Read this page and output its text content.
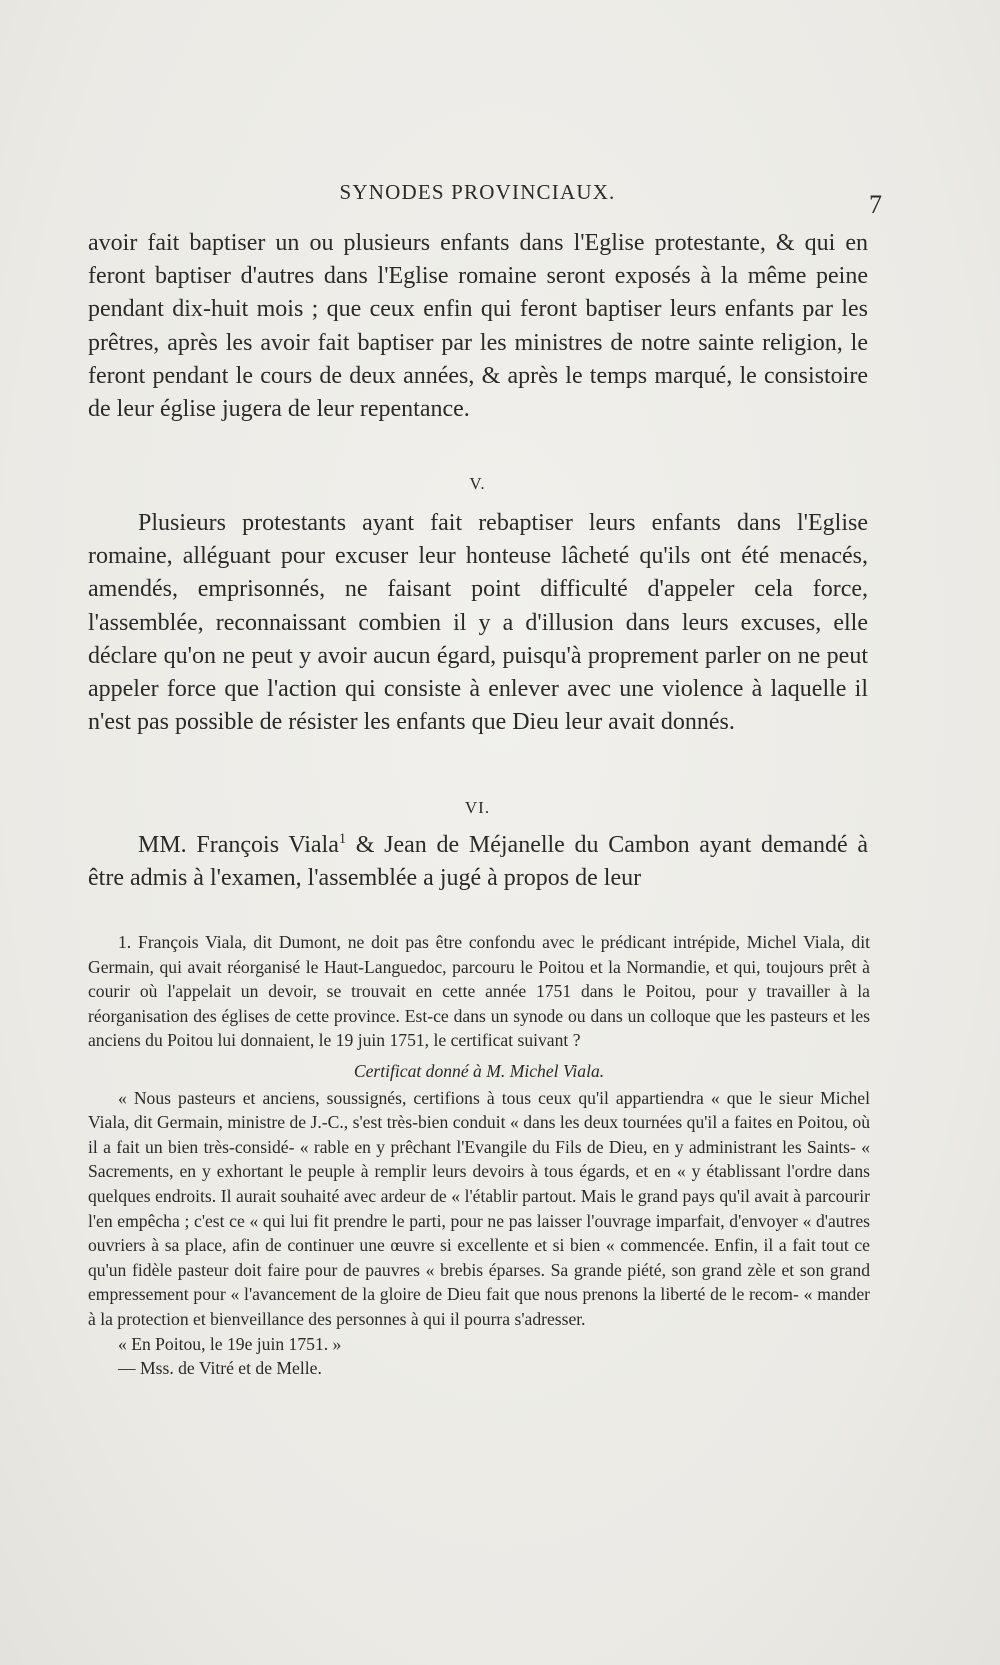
SYNODES PROVINCIAUX.	7

avoir fait baptiser un ou plusieurs enfants dans l'Eglise protestante, & qui en feront baptiser d'autres dans l'Eglise romaine seront exposés à la même peine pendant dix-huit mois ; que ceux enfin qui feront baptiser leurs enfants par les prêtres, après les avoir fait baptiser par les ministres de notre sainte religion, le feront pendant le cours de deux années, & après le temps marqué, le consistoire de leur église jugera de leur repentance.

V.

Plusieurs protestants ayant fait rebaptiser leurs enfants dans l'Eglise romaine, alléguant pour excuser leur honteuse lâcheté qu'ils ont été menacés, amendés, emprisonnés, ne faisant point difficulté d'appeler cela force, l'assemblée, reconnaissant combien il y a d'illusion dans leurs excuses, elle déclare qu'on ne peut y avoir aucun égard, puisqu'à proprement parler on ne peut appeler force que l'action qui consiste à enlever avec une violence à laquelle il n'est pas possible de résister les enfants que Dieu leur avait donnés.

VI.

MM. François Viala$^1$ & Jean de Méjanelle du Cambon ayant demandé à être admis à l'examen, l'assemblée a jugé à propos de leur

1. François Viala, dit Dumont, ne doit pas être confondu avec le prédicant intrépide, Michel Viala, dit Germain, qui avait réorganisé le Haut-Languedoc, parcouru le Poitou et la Normandie, et qui, toujours prêt à courir où l'appelait un devoir, se trouvait en cette année 1751 dans le Poitou, pour y travailler à la réorganisation des églises de cette province. Est-ce dans un synode ou dans un colloque que les pasteurs et les anciens du Poitou lui donnaient, le 19 juin 1751, le certificat suivant ?

Certificat donné à M. Michel Viala.

« Nous pasteurs et anciens, soussignés, certifions à tous ceux qu'il appartiendra « que le sieur Michel Viala, dit Germain, ministre de J.-C., s'est très-bien conduit « dans les deux tournées qu'il a faites en Poitou, où il a fait un bien très-considé- « rable en y prêchant l'Evangile du Fils de Dieu, en y administrant les Saints- « Sacrements, en y exhortant le peuple à remplir leurs devoirs à tous égards, et en « y établissant l'ordre dans quelques endroits. Il aurait souhaité avec ardeur de « l'établir partout. Mais le grand pays qu'il avait à parcourir l'en empêcha ; c'est ce « qui lui fit prendre le parti, pour ne pas laisser l'ouvrage imparfait, d'envoyer « d'autres ouvriers à sa place, afin de continuer une œuvre si excellente et si bien « commencée. Enfin, il a fait tout ce qu'un fidèle pasteur doit faire pour de pauvres « brebis éparses. Sa grande piété, son grand zèle et son grand empressement pour « l'avancement de la gloire de Dieu fait que nous prenons la liberté de le recom- « mander à la protection et bienveillance des personnes à qui il pourra s'adresser.

« En Poitou, le 19e juin 1751. »

— Mss. de Vitré et de Melle.
